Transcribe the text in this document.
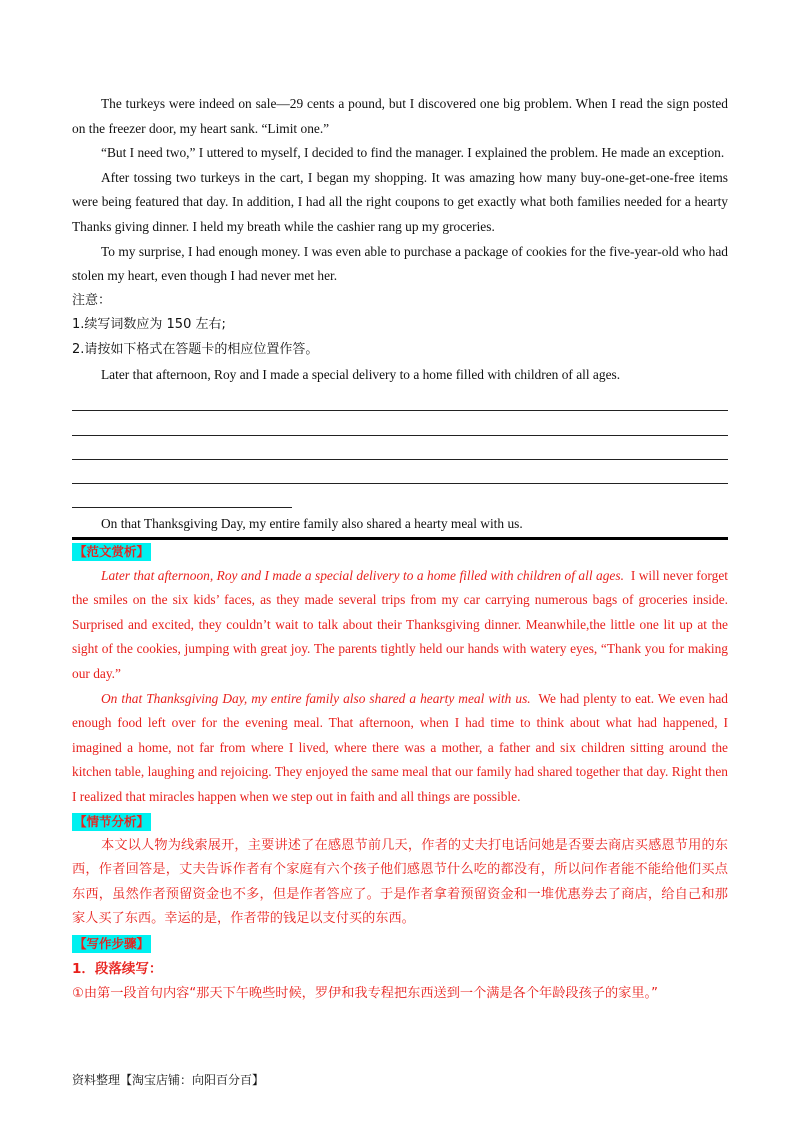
The turkeys were indeed on sale—29 cents a pound, but I discovered one big problem. When I read the sign posted on the freezer door, my heart sank. “Limit one.”

“But I need two,” I uttered to myself, I decided to find the manager. I explained the problem. He made an exception.

After tossing two turkeys in the cart, I began my shopping. It was amazing how many buy-one-get-one-free items were being featured that day. In addition, I had all the right coupons to get exactly what both families needed for a hearty Thanks giving dinner. I held my breath while the cashier rang up my groceries.

To my surprise, I had enough money. I was even able to purchase a package of cookies for the five-year-old who had stolen my heart, even though I had never met her.

注意：

1.续写词数应为 150 左右;

2.请按如下格式在答题卡的相应位置作答。

Later that afternoon, Roy and I made a special delivery to a home filled with children of all ages.

On that Thanksgiving Day, my entire family also shared a hearty meal with us.

【范文赏析】

Later that afternoon, Roy and I made a special delivery to a home filled with children of all ages. I will never forget the smiles on the six kids’ faces, as they made several trips from my car carrying numerous bags of groceries inside. Surprised and excited, they couldn’t wait to talk about their Thanksgiving dinner. Meanwhile,the little one lit up at the sight of the cookies, jumping with great joy. The parents tightly held our hands with watery eyes, “Thank you for making our day.”

On that Thanksgiving Day, my entire family also shared a hearty meal with us. We had plenty to eat. We even had enough food left over for the evening meal. That afternoon, when I had time to think about what had happened, I imagined a home, not far from where I lived, where there was a mother, a father and six children sitting around the kitchen table, laughing and rejoicing. They enjoyed the same meal that our family had shared together that day. Right then I realized that miracles happen when we step out in faith and all things are possible.

【情节分析】

本文以人物为线索展开，主要讲述了在感恩节前几天，作者的丈夫打电话问她是否要去商店买感恩节用的东西，作者回答是，丈夫告诉作者有个家庭有六个孩子他们感恩节什么吃的都没有，所以问作者能不能给他们买点东西，虽然作者预留资金也不多，但是作者答应了。于是作者拿着预留资金和一堆优惠券去了商店，给自己和那家人买了东西。幸运的是，作者带的钱足以支付买的东西。

【写作步骤】

1．段落续写：

①由第一段首句内容“那天下午晚些时候，罗伊和我专程把东西送到一个满是各个年龄段孩子的家里。”

资料整理【淘宝店铺：向阳百分百】
